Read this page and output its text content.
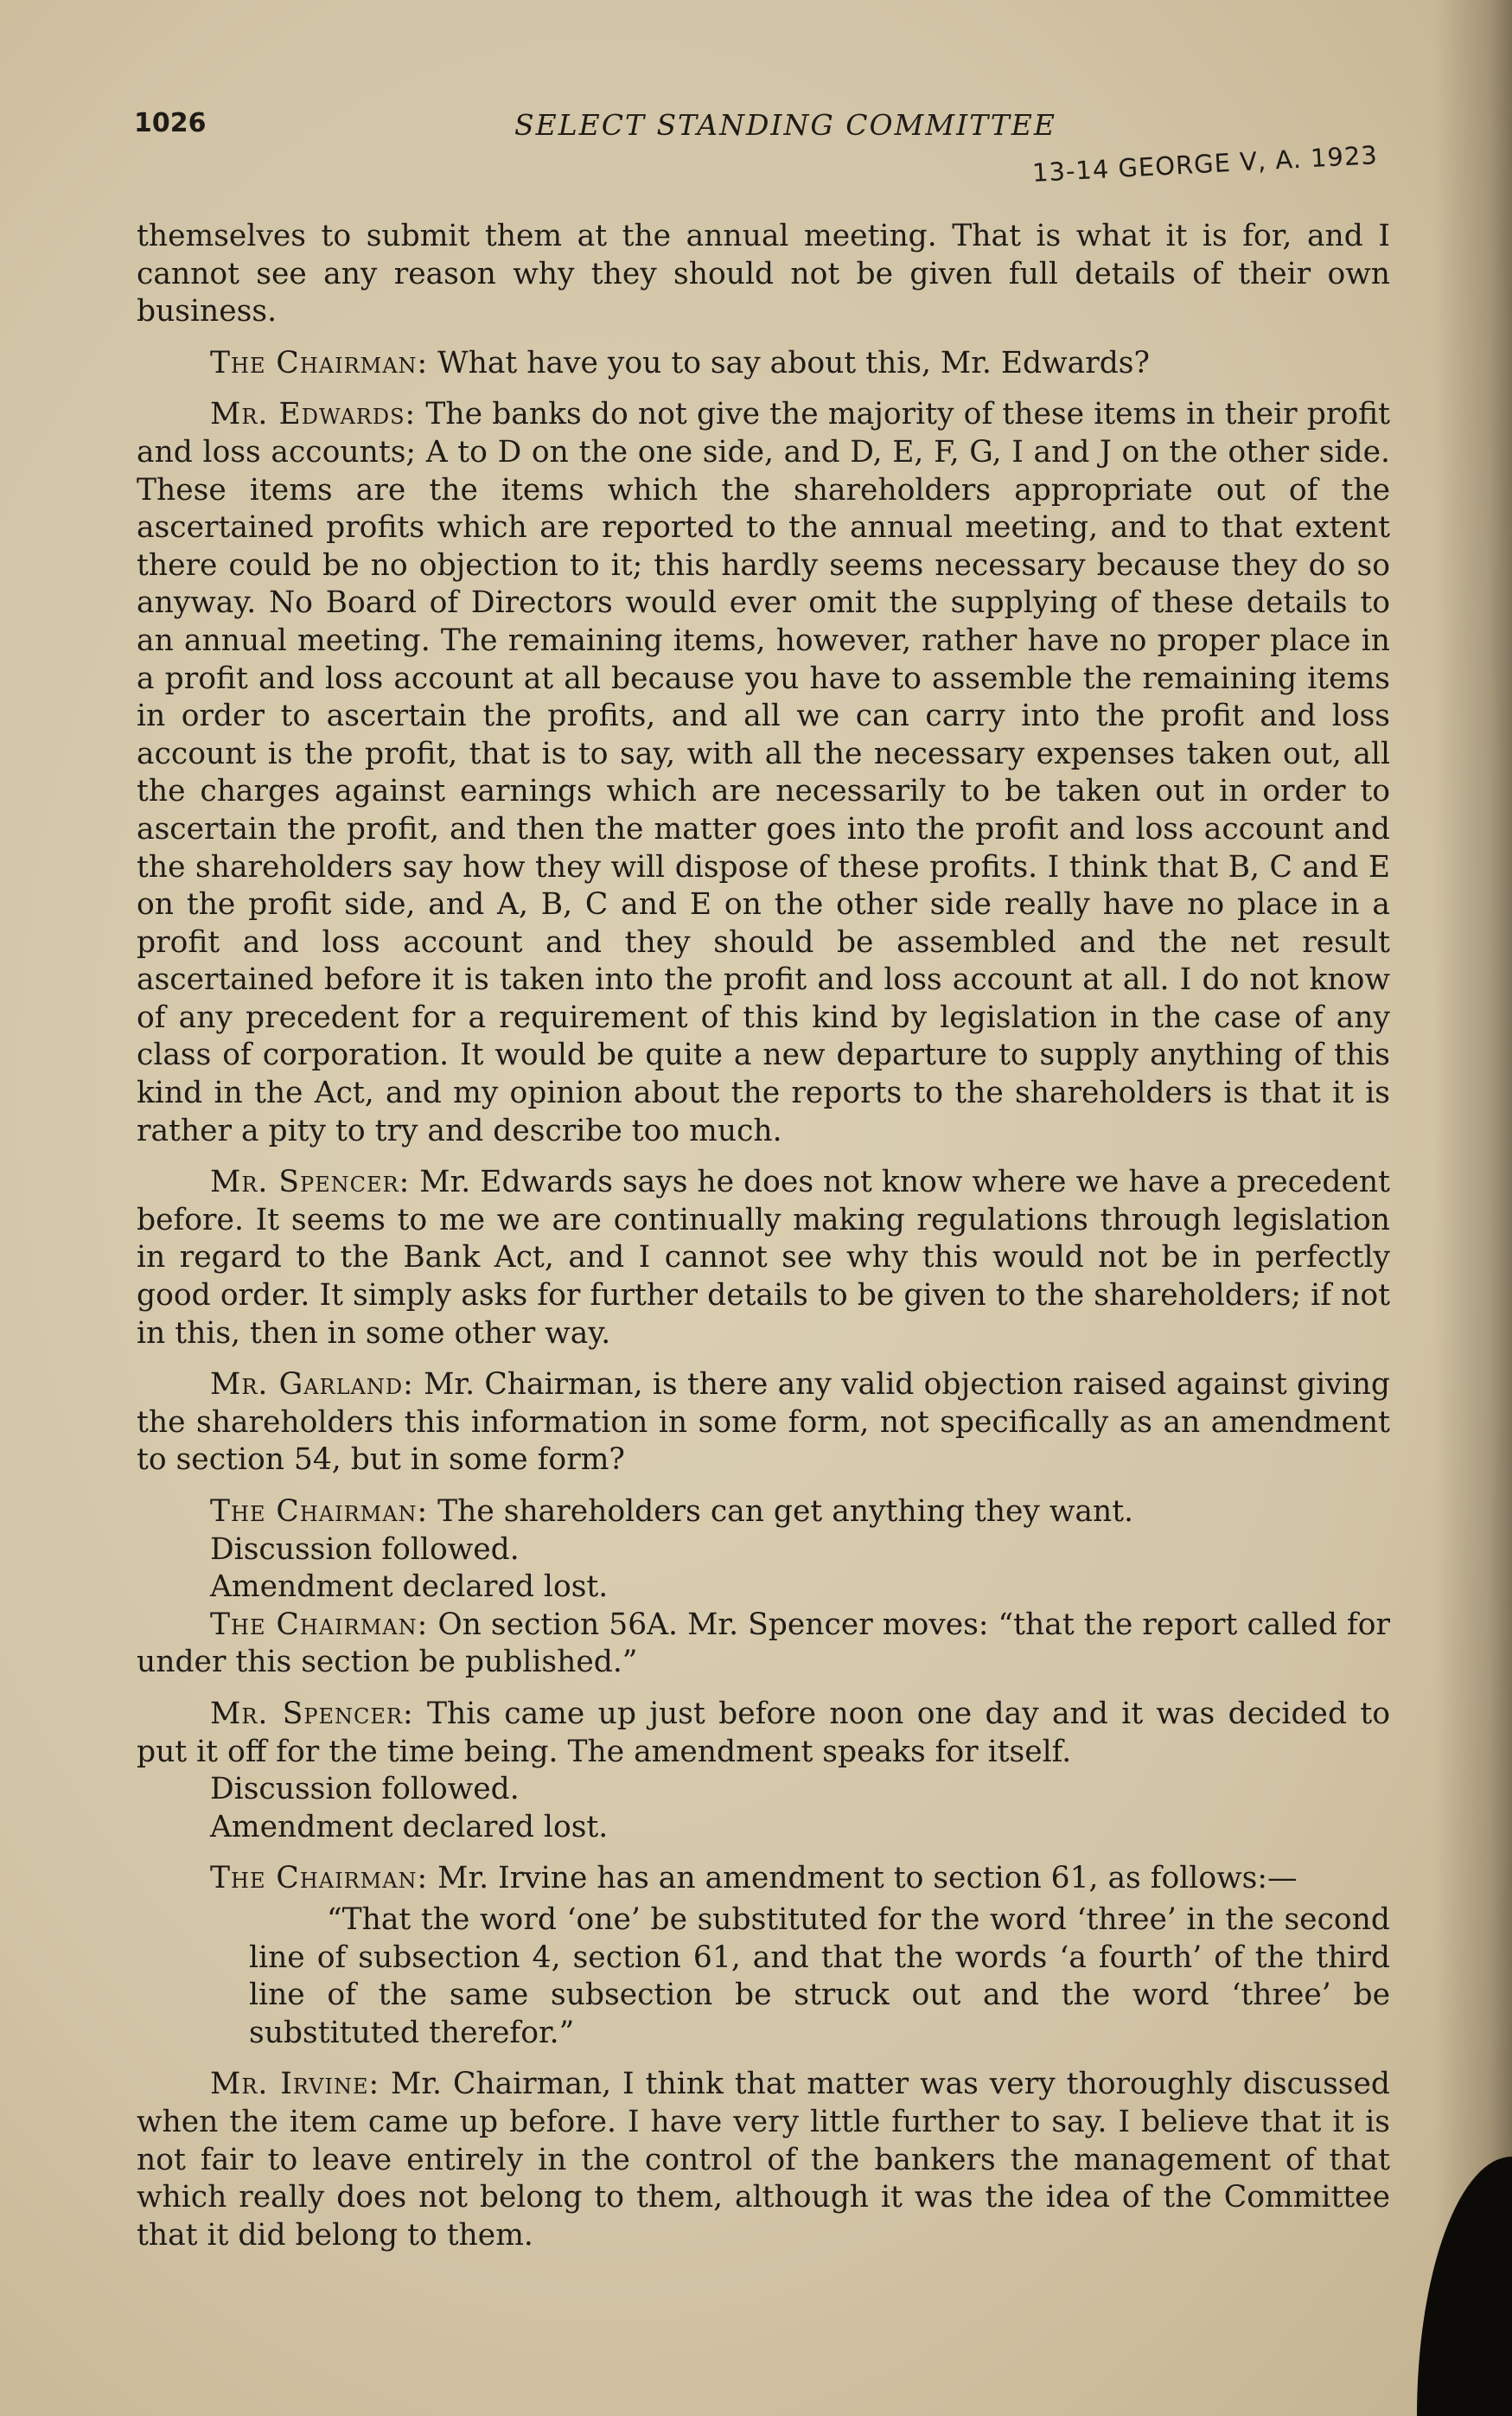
1026	SELECT STANDING COMMITTEE
13-14 GEORGE V, A. 1923

themselves to submit them at the annual meeting. That is what it is for, and I cannot see any reason why they should not be given full details of their own business.

The Chairman: What have you to say about this, Mr. Edwards?

Mr. Edwards: The banks do not give the majority of these items in their profit and loss accounts; A to D on the one side, and D, E, F, G, I and J on the other side. These items are the items which the shareholders appropriate out of the ascertained profits which are reported to the annual meeting, and to that extent there could be no objection to it; this hardly seems necessary because they do so anyway. No Board of Directors would ever omit the supplying of these details to an annual meeting. The remaining items, however, rather have no proper place in a profit and loss account at all because you have to assemble the remaining items in order to ascertain the profits, and all we can carry into the profit and loss account is the profit, that is to say, with all the necessary expenses taken out, all the charges against earnings which are necessarily to be taken out in order to ascertain the profit, and then the matter goes into the profit and loss account and the shareholders say how they will dispose of these profits. I think that B, C and E on the profit side, and A, B, C and E on the other side really have no place in a profit and loss account and they should be assembled and the net result ascertained before it is taken into the profit and loss account at all. I do not know of any precedent for a requirement of this kind by legislation in the case of any class of corporation. It would be quite a new departure to supply anything of this kind in the Act, and my opinion about the reports to the shareholders is that it is rather a pity to try and describe too much.

Mr. Spencer: Mr. Edwards says he does not know where we have a precedent before. It seems to me we are continually making regulations through legislation in regard to the Bank Act, and I cannot see why this would not be in perfectly good order. It simply asks for further details to be given to the shareholders; if not in this, then in some other way.

Mr. Garland: Mr. Chairman, is there any valid objection raised against giving the shareholders this information in some form, not specifically as an amendment to section 54, but in some form?

The Chairman: The shareholders can get anything they want.

Discussion followed.

Amendment declared lost.

The Chairman: On section 56A. Mr. Spencer moves: “that the report called for under this section be published.”

Mr. Spencer: This came up just before noon one day and it was decided to put it off for the time being. The amendment speaks for itself.

Discussion followed.

Amendment declared lost.

The Chairman: Mr. Irvine has an amendment to section 61, as follows:—

“That the word ‘one’ be substituted for the word ‘three’ in the second line of subsection 4, section 61, and that the words ‘a fourth’ of the third line of the same subsection be struck out and the word ‘three’ be substituted therefor.”

Mr. Irvine: Mr. Chairman, I think that matter was very thoroughly discussed when the item came up before. I have very little further to say. I believe that it is not fair to leave entirely in the control of the bankers the management of that which really does not belong to them, although it was the idea of the Committee that it did belong to them.
